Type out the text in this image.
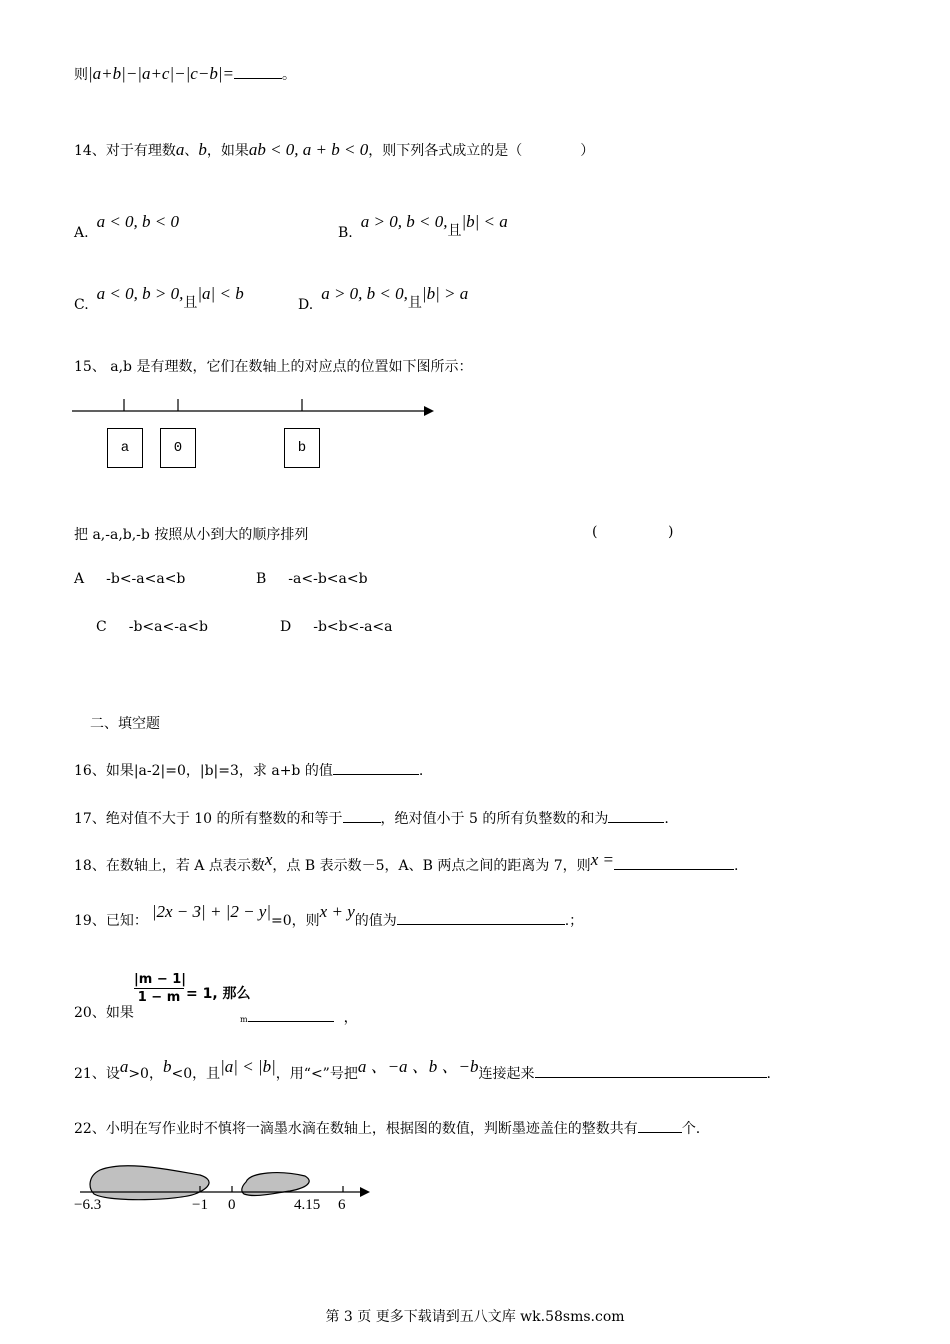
则|a+b|−|a+c|−|c−b|=	。
14、对于有理数a、b，如果ab < 0, a + b < 0，则下列各式成立的是（	）
A.a < 0, b < 0
B.a > 0, b < 0,且|b| < a
C.a < 0, b > 0,且|a| < b
D.a > 0, b < 0,且|b| > a
15、 a,b 是有理数，它们在数轴上的对应点的位置如下图所示：
a	0	b
把 a,-a,b,-b 按照从小到大的顺序排列	(	)
A -b<-a<a<b	B -a<-b<a<b
C -b<a<-a<b	D -b<b<-a<a
二、填空题
16、如果|a-2|=0，|b|=3，求 a+b 的值	.
17、绝对值不大于 10 的所有整数的和等于	，绝对值小于 5 的所有负整数的和为	.
18、在数轴上，若 A 点表示数x，点 B 表示数－5，A、B 两点之间的距离为 7，则x =	.
19、已知： |2x − 3| + |2 − y|=0，则x + y的值为	.；
20、如果
|m − 1|
1 − m = 1, 那么
m	，
21、设a>0，b<0，且|a| < |b|，用“<”号把a 、−a 、b 、−b连接起来	.
22、小明在写作业时不慎将一滴墨水滴在数轴上，根据图的数值，判断墨迹盖住的整数共有	个.
−6.3	−1 0	4.15 6
第 3 页 更多下载请到五八文库 wk.58sms.com
